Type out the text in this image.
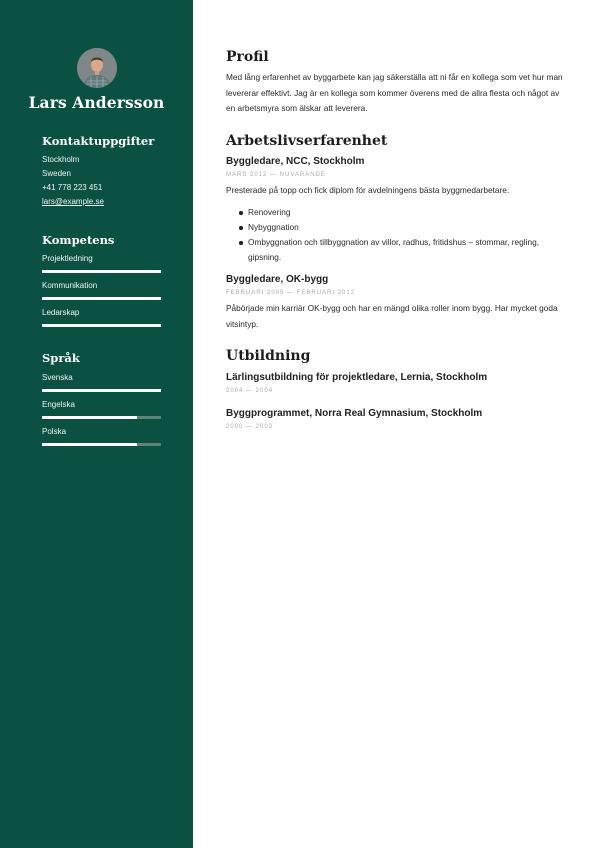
Lars Andersson
Kontaktuppgifter
Stockholm
Sweden
+41 778 223 451
lars@example.se
Kompetens
Projektledning
Kommunikation
Ledarskap
Språk
Svenska
Engelska
Polska
Profil
Med lång erfarenhet av byggarbete kan jag säkerställa att ni får en kollega som vet hur man levererar effektivt. Jag är en kollega som kommer överens med de allra flesta och något av en arbetsmyra som älskar att leverera.
Arbetslivserfarenhet
Byggledare, NCC, Stockholm
MARS 2012 — NUVARANDE
Presterade på topp och fick diplom för avdelningens bästa byggmedarbetare.
Renovering
Nybyggnation
Ombyggnation och tillbyggnation av villor, radhus, fritidshus – stommar, regling, gipsning.
Byggledare, OK-bygg
FEBRUARI 2005 — FEBRUARI 2012
Påbörjade min karriär OK-bygg och har en mängd olika roller inom bygg. Har mycket goda vitsintyp.
Utbildning
Lärlingsutbildning för projektledare, Lernia, Stockholm
2004 — 2004
Byggprogrammet, Norra Real Gymnasium, Stockholm
2000 — 2003
